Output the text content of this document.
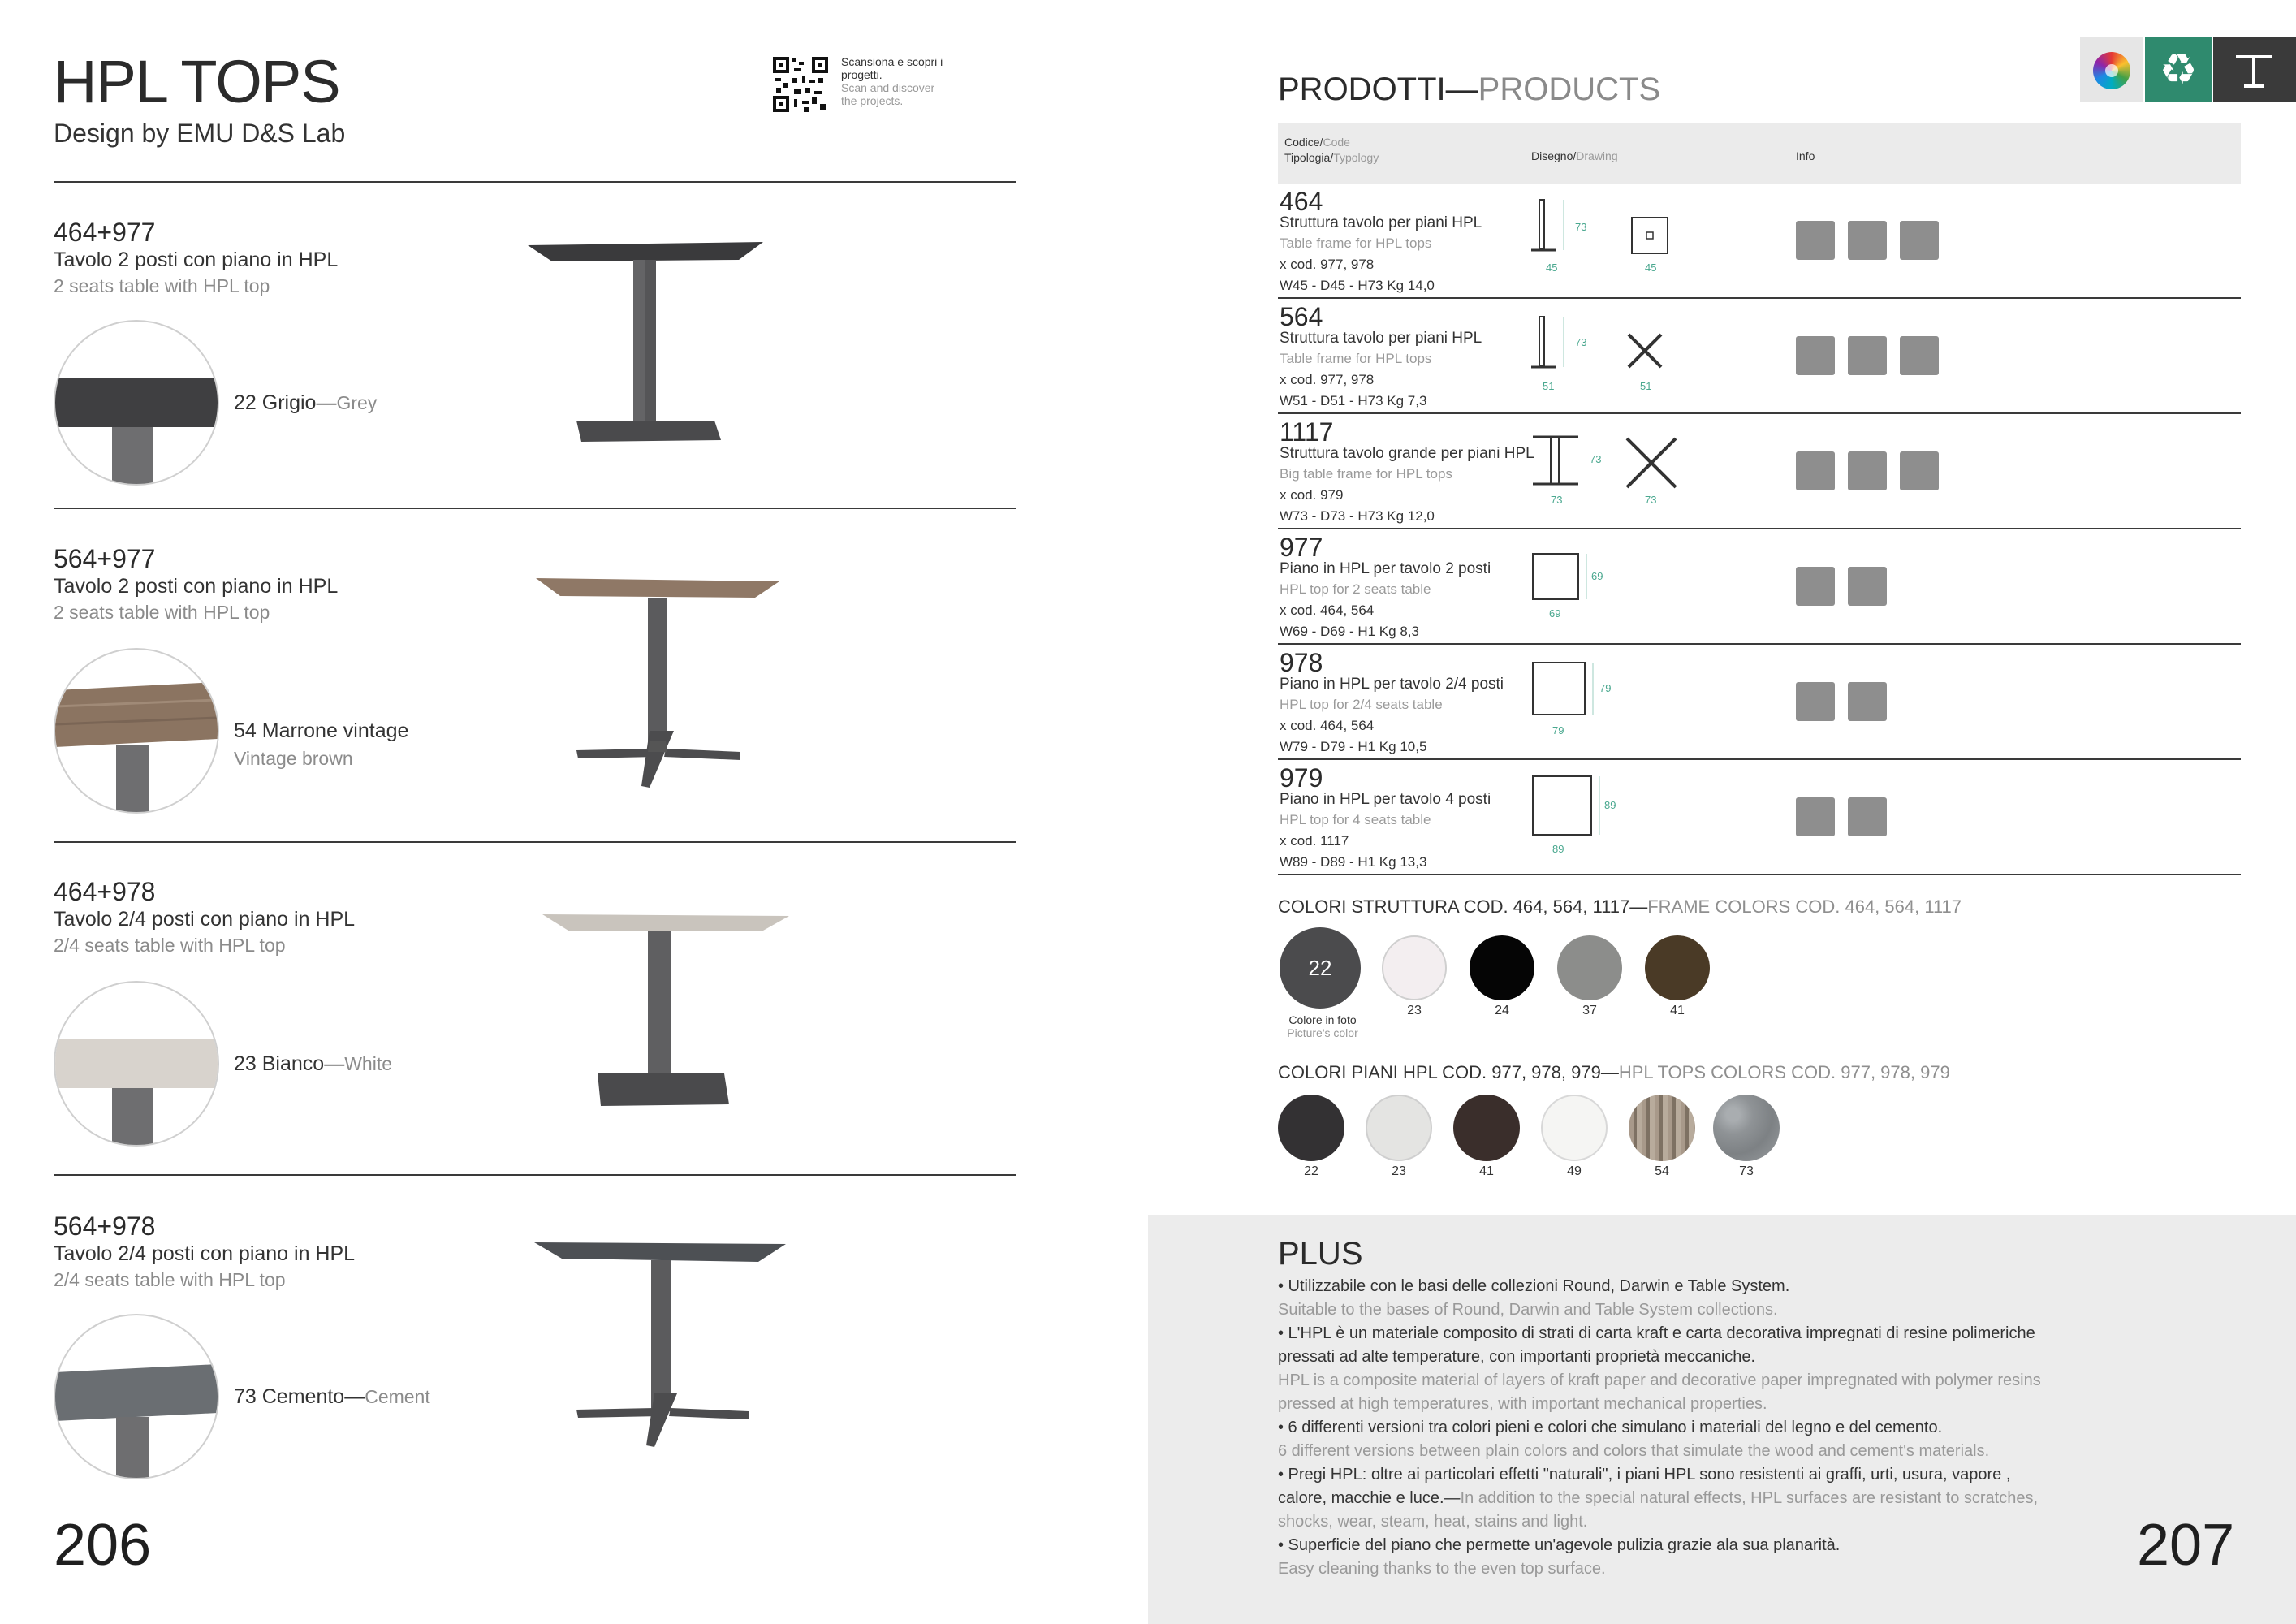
HPL TOPS
Design by EMU D&S Lab
Scansiona e scopri i progetti.
Scan and discover the projects.
464+977
Tavolo 2 posti con piano in HPL
2 seats table with HPL top
22 Grigio—Grey
564+977
Tavolo 2 posti con piano in HPL
2 seats table with HPL top
54 Marrone vintage
Vintage brown
464+978
Tavolo 2/4 posti con piano in HPL
2/4 seats table with HPL top
23 Bianco—White
564+978
Tavolo 2/4 posti con piano in HPL
2/4 seats table with HPL top
73 Cemento—Cement
206
♻
PRODOTTI—PRODUCTS
Codice/Code
Tipologia/Typology	Disegno/Drawing	Info
464
Struttura tavolo per piani HPL
Table frame for HPL tops
x cod. 977, 978
W45 - D45 - H73 Kg 14,0
73
45	45
564
Struttura tavolo per piani HPL
Table frame for HPL tops
x cod. 977, 978
W51 - D51 - H73 Kg 7,3
73
51	51
1117
Struttura tavolo grande per piani HPL
Big table frame for HPL tops
x cod. 979
W73 - D73 - H73 Kg 12,0
73
73	73
977
Piano in HPL per tavolo 2 posti
HPL top for 2 seats table
x cod. 464, 564
W69 - D69 - H1 Kg 8,3
69
69
978
Piano in HPL per tavolo 2/4 posti
HPL top for 2/4 seats table
x cod. 464, 564
W79 - D79 - H1 Kg 10,5
79
79
979
Piano in HPL per tavolo 4 posti
HPL top for 4 seats table
x cod. 1117
W89 - D89 - H1 Kg 13,3
89
89
COLORI STRUTTURA COD. 464, 564, 1117—FRAME COLORS COD. 464, 564, 1117
22
Colore in foto
Picture's color
23	24	37	41
COLORI PIANI HPL COD. 977, 978, 979—HPL TOPS COLORS COD. 977, 978, 979
22	23	41	49	54	73
PLUS
• Utilizzabile con le basi delle collezioni Round, Darwin e Table System.
Suitable to the bases of Round, Darwin and Table System collections.
• L'HPL è un materiale composito di strati di carta kraft e carta decorativa impregnati di resine polimeriche pressati ad alte temperature, con importanti proprietà meccaniche.
HPL is a composite material of layers of kraft paper and decorative paper impregnated with polymer resins pressed at high temperatures, with important mechanical properties.
• 6 differenti versioni tra colori pieni e colori che simulano i materiali del legno e del cemento.
6 different versions between plain colors and colors that simulate the wood and cement's materials.
• Pregi HPL: oltre ai particolari effetti "naturali", i piani HPL sono resistenti ai graffi, urti, usura, vapore , calore, macchie e luce.—In addition to the special natural effects, HPL surfaces are resistant to scratches, shocks, wear, steam, heat, stains and light.
• Superficie del piano che permette un'agevole pulizia grazie ala sua planarità.
Easy cleaning thanks to the even top surface.	207
